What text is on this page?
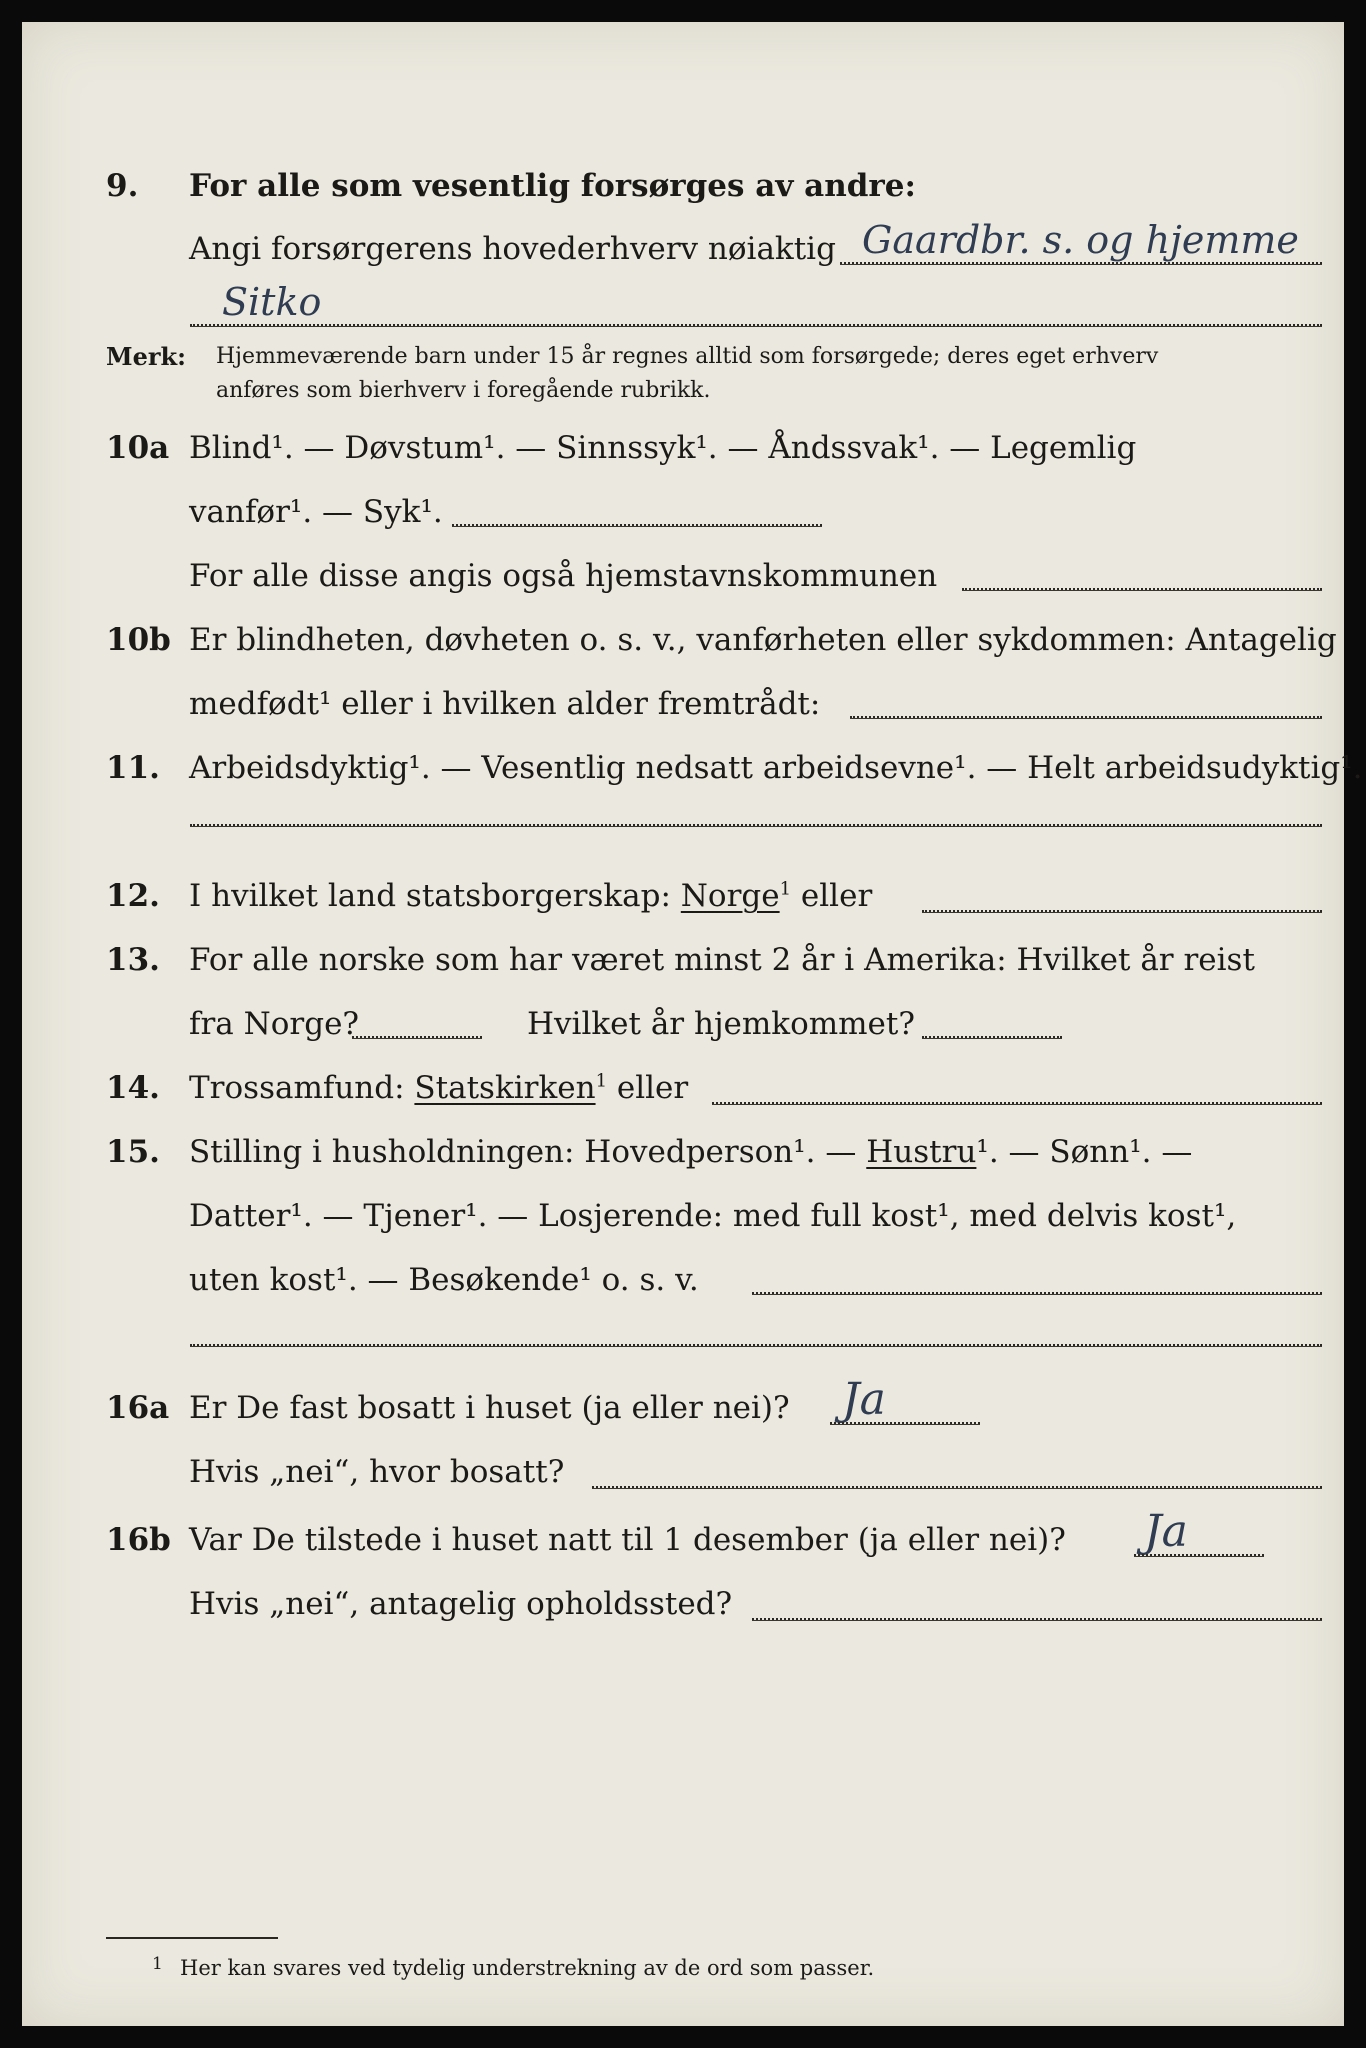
9. For alle som vesentlig forsørges av andre:
Angi forsørgerens hovederhverv nøiaktig Gaardbr. s. og hjemme
Sitko
Merk: Hjemmeværende barn under 15 år regnes alltid som forsørgede; deres eget erhverv
anføres som bierhverv i foregående rubrikk.
10a Blind¹. — Døvstum¹. — Sinnssyk¹. — Åndssvak¹. — Legemlig
vanfør¹. — Syk¹.
For alle disse angis også hjemstavnskommunen
10b Er blindheten, døvheten o. s. v., vanførheten eller sykdommen: Antagelig
medfødt¹ eller i hvilken alder fremtrådt:
11. Arbeidsdyktig¹. — Vesentlig nedsatt arbeidsevne¹. — Helt arbeidsudyktig¹.
12. I hvilket land statsborgerskap: Norge$^1$ eller
13. For alle norske som har været minst 2 år i Amerika: Hvilket år reist
fra Norge?	Hvilket år hjemkommet?
14. Trossamfund: Statskirken$^1$ eller
15. Stilling i husholdningen: Hovedperson¹. — Hustru¹. — Sønn¹. —
Datter¹. — Tjener¹. — Losjerende: med full kost¹, med delvis kost¹,
uten kost¹. — Besøkende¹ o. s. v.
16a Er De fast bosatt i huset (ja eller nei)? Ja
Hvis „nei“, hvor bosatt?
16b Var De tilstede i huset natt til 1 desember (ja eller nei)? Ja
Hvis „nei“, antagelig opholdssted?
1 Her kan svares ved tydelig understrekning av de ord som passer.
